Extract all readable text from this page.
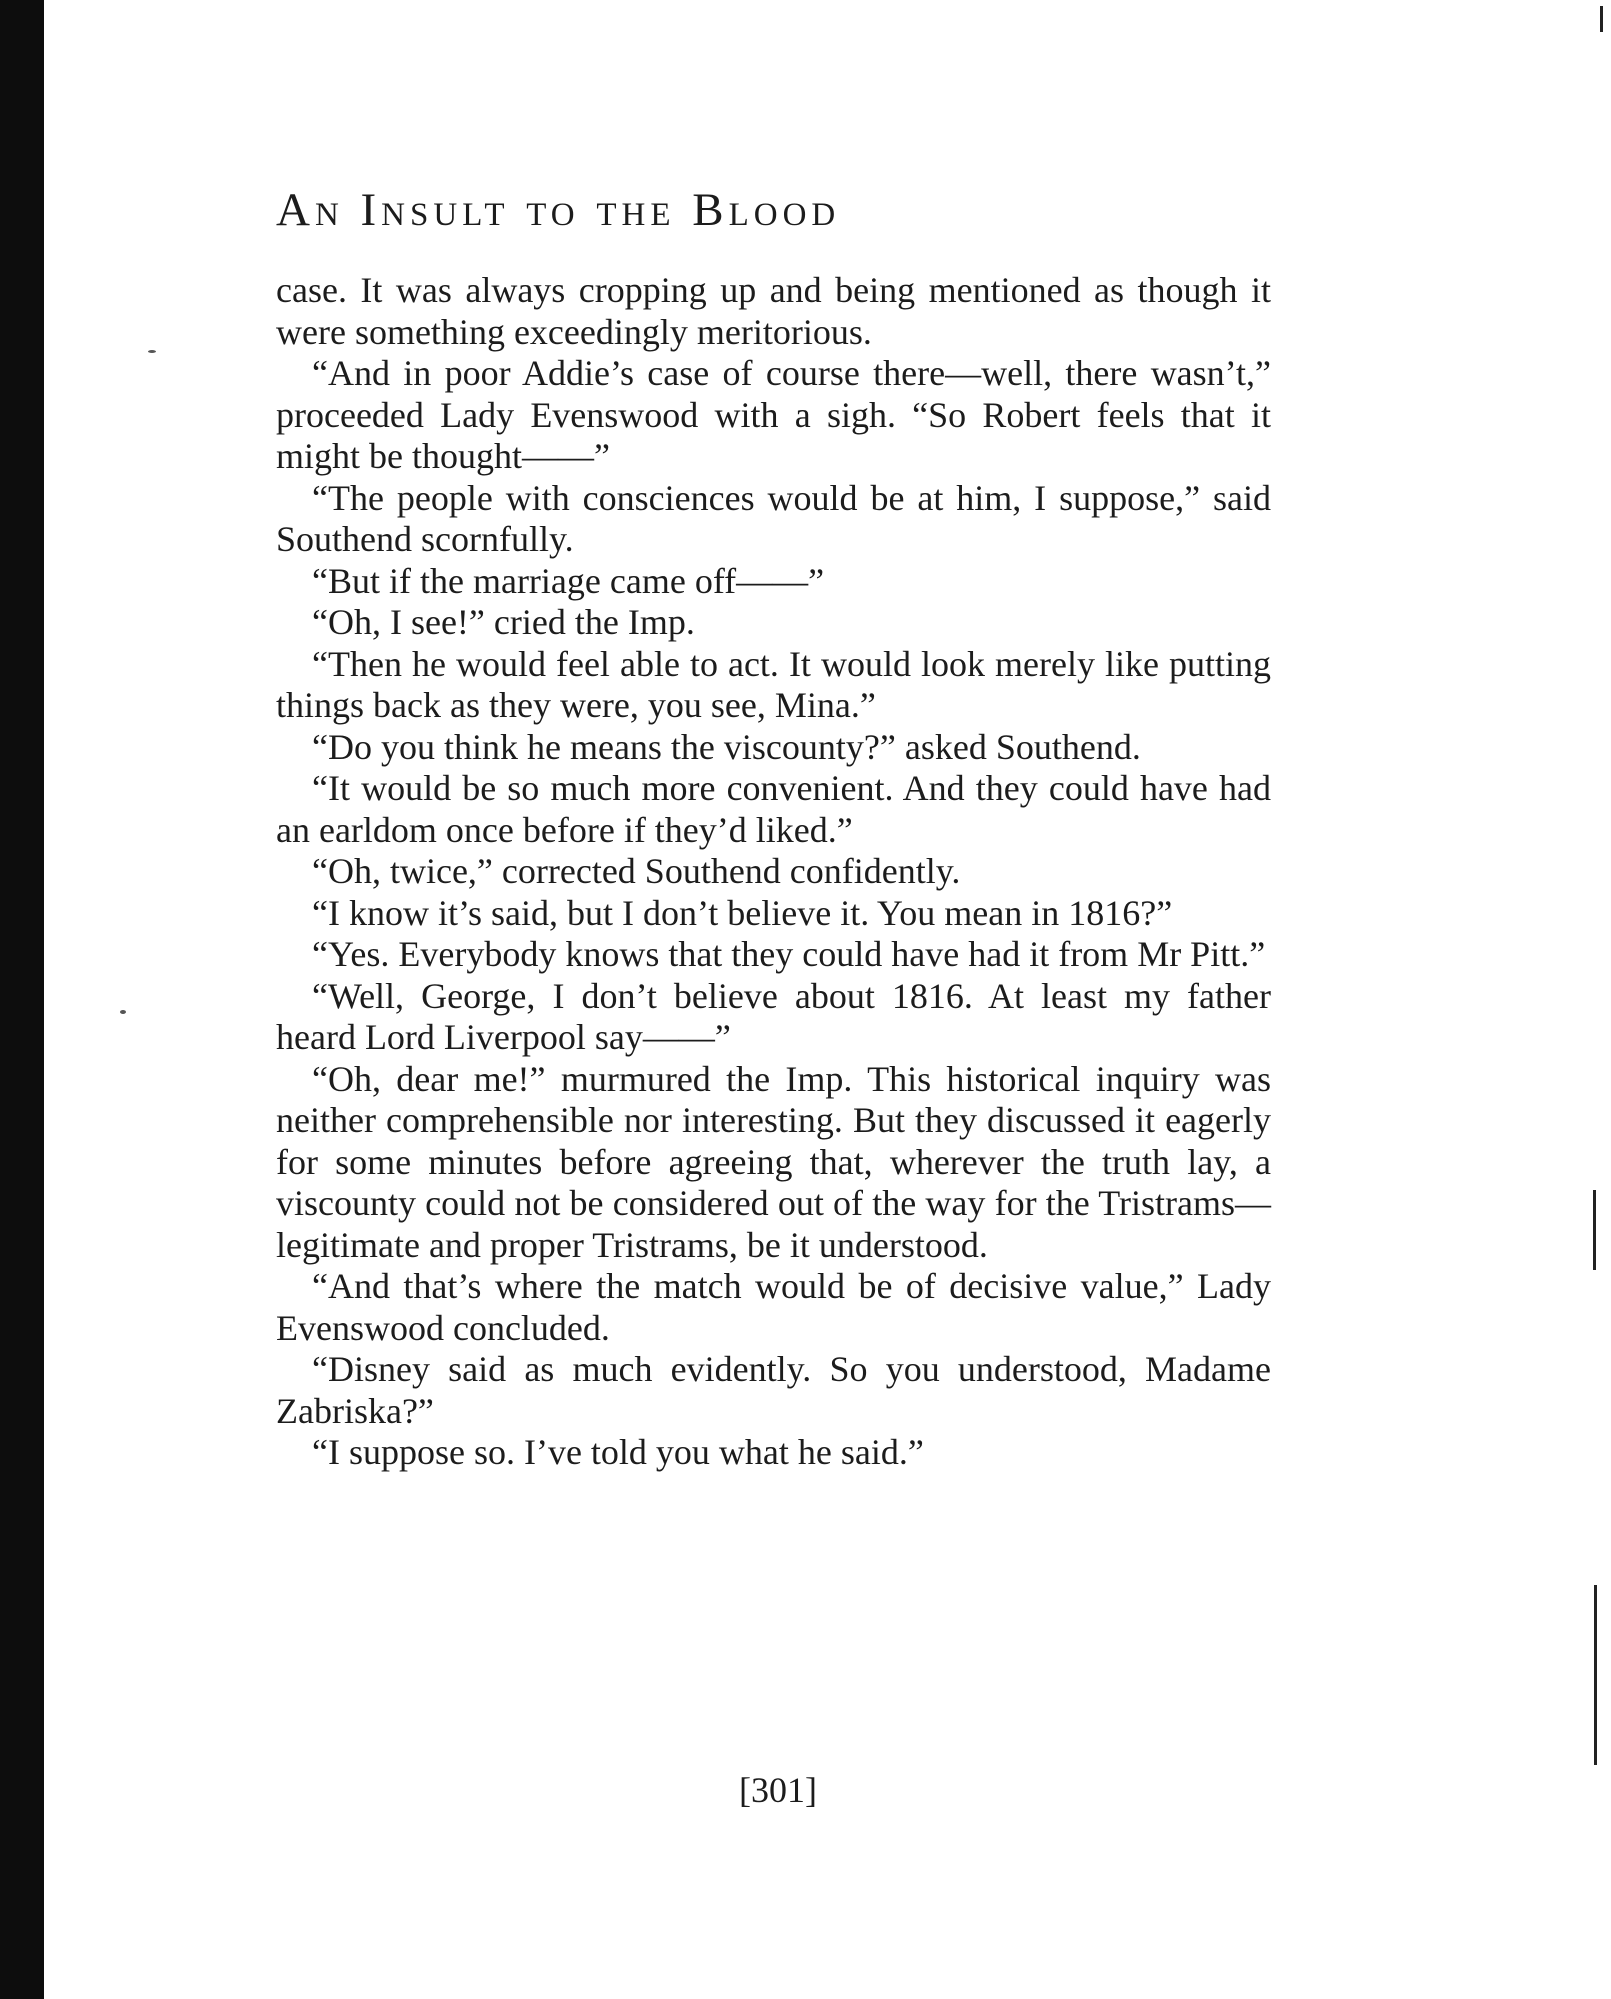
An Insult to the Blood

case. It was always cropping up and being mentioned as though it were something exceedingly meritorious.

“And in poor Addie’s case of course there—well, there wasn’t,” proceeded Lady Evenswood with a sigh. “So Robert feels that it might be thought——”

“The people with consciences would be at him, I suppose,” said Southend scornfully.

“But if the marriage came off——”

“Oh, I see!” cried the Imp.

“Then he would feel able to act. It would look merely like putting things back as they were, you see, Mina.”

“Do you think he means the viscounty?” asked Southend.

“It would be so much more convenient. And they could have had an earldom once before if they’d liked.”

“Oh, twice,” corrected Southend confidently.

“I know it’s said, but I don’t believe it. You mean in 1816?”

“Yes. Everybody knows that they could have had it from Mr Pitt.”

“Well, George, I don’t believe about 1816. At least my father heard Lord Liverpool say——”

“Oh, dear me!” murmured the Imp. This historical inquiry was neither comprehensible nor interesting. But they discussed it eagerly for some minutes before agreeing that, wherever the truth lay, a viscounty could not be considered out of the way for the Tristrams—legitimate and proper Tristrams, be it understood.

“And that’s where the match would be of decisive value,” Lady Evenswood concluded.

“Disney said as much evidently. So you understood, Madame Zabriska?”

“I suppose so. I’ve told you what he said.”

[301]
